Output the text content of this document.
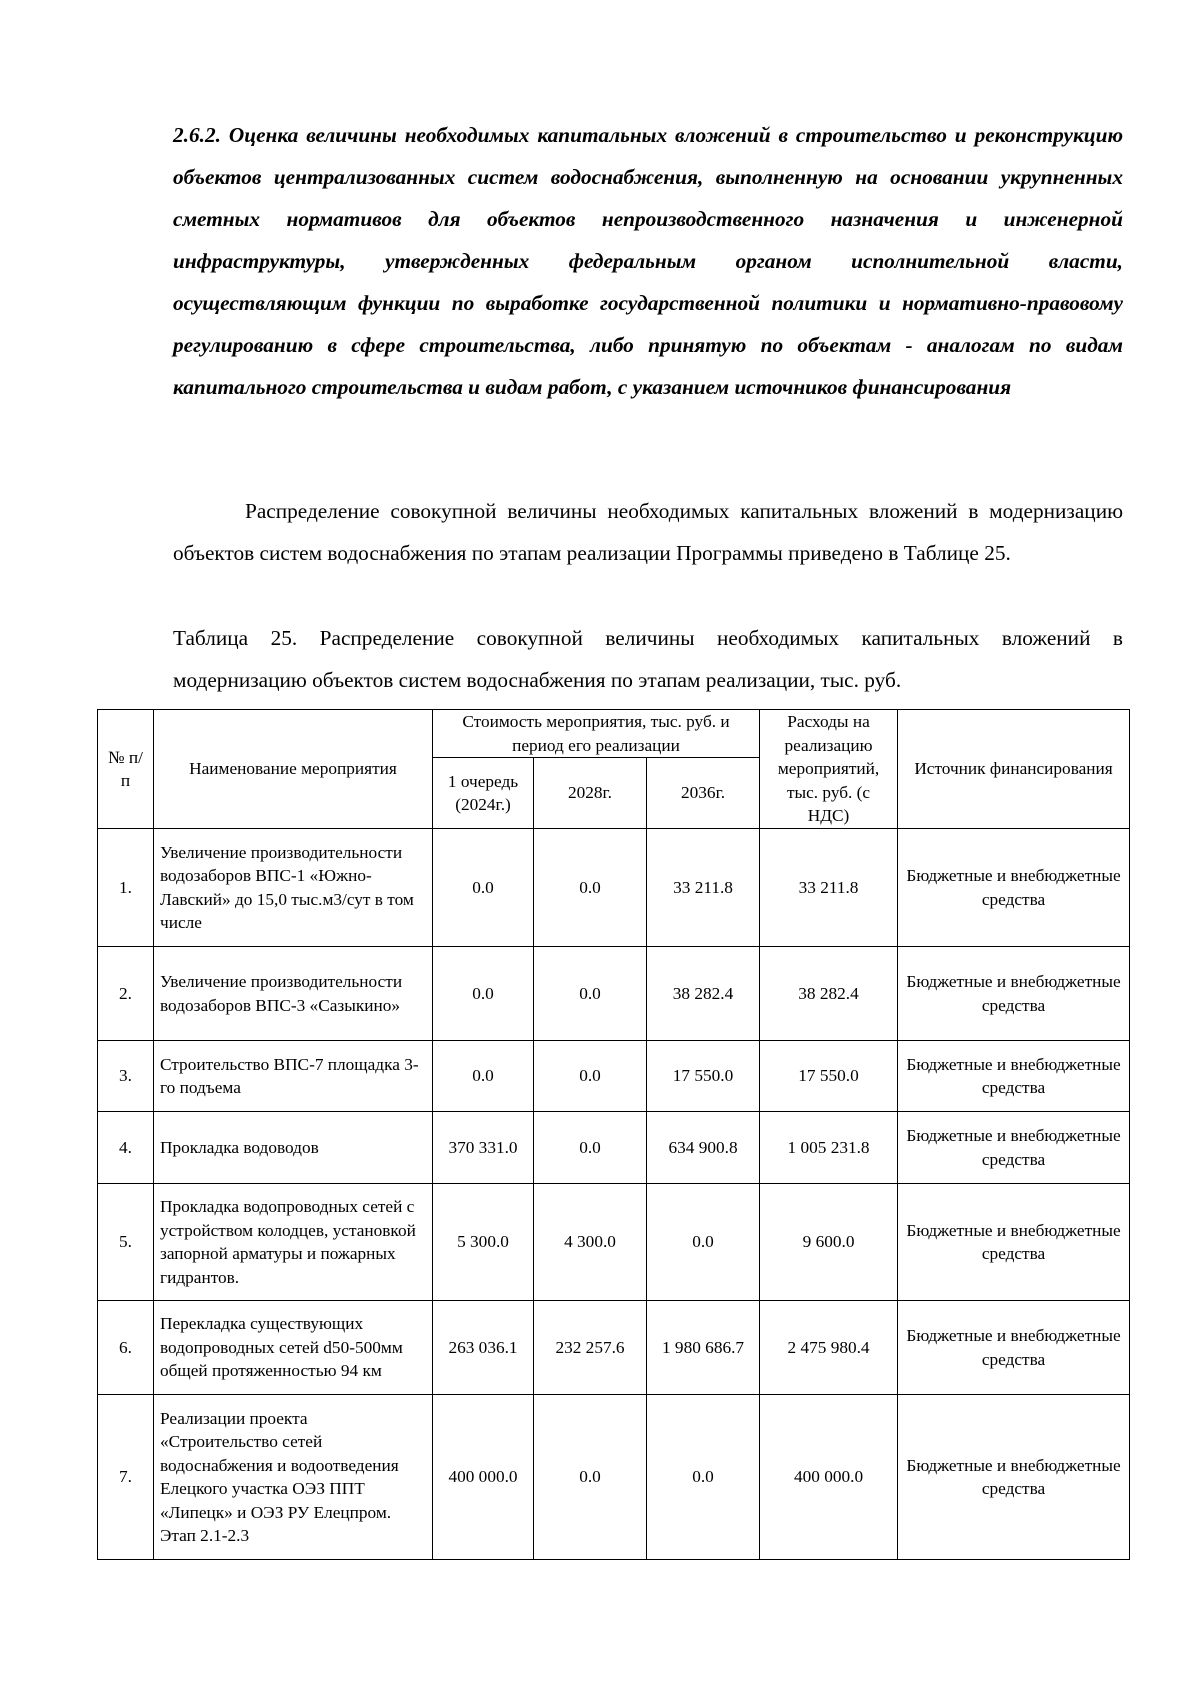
2.6.2. Оценка величины необходимых капитальных вложений в строительство и реконструкцию объектов централизованных систем водоснабжения, выполненную на основании укрупненных сметных нормативов для объектов непроизводственного назначения и инженерной инфраструктуры, утвержденных федеральным органом исполнительной власти, осуществляющим функции по выработке государственной политики и нормативно-правовому регулированию в сфере строительства, либо принятую по объектам - аналогам по видам капитального строительства и видам работ, с указанием источников финансирования

Распределение совокупной величины необходимых капитальных вложений в модернизацию объектов систем водоснабжения по этапам реализации Программы приведено в Таблице 25.

Таблица 25. Распределение совокупной величины необходимых капитальных вложений в модернизацию объектов систем водоснабжения по этапам реализации, тыс. руб.

№ п/п	Наименование мероприятия	Стоимость мероприятия, тыс. руб. и период его реализации			Расходы на реализацию мероприятий, тыс. руб. (с НДС)	Источник финансирования
		1 очередь (2024г.)	2028г.	2036г.		
1.	Увеличение производительности водозаборов ВПС-1 «Южно-Лавский» до 15,0 тыс.м3/сут в том числе	0.0	0.0	33 211.8	33 211.8	Бюджетные и внебюджетные средства
2.	Увеличение производительности водозаборов ВПС-3 «Сазыкино»	0.0	0.0	38 282.4	38 282.4	Бюджетные и внебюджетные средства
3.	Строительство ВПС-7 площадка 3-го подъема	0.0	0.0	17 550.0	17 550.0	Бюджетные и внебюджетные средства
4.	Прокладка водоводов	370 331.0	0.0	634 900.8	1 005 231.8	Бюджетные и внебюджетные средства
5.	Прокладка водопроводных сетей с устройством колодцев, установкой запорной арматуры и пожарных гидрантов.	5 300.0	4 300.0	0.0	9 600.0	Бюджетные и внебюджетные средства
6.	Перекладка существующих водопроводных сетей d50-500мм общей протяженностью 94 км	263 036.1	232 257.6	1 980 686.7	2 475 980.4	Бюджетные и внебюджетные средства
7.	Реализации проекта «Строительство сетей водоснабжения и водоотведения Елецкого участка ОЭЗ ППТ «Липецк» и ОЭЗ РУ Елецпром. Этап 2.1-2.3	400 000.0	0.0	0.0	400 000.0	Бюджетные и внебюджетные средства
